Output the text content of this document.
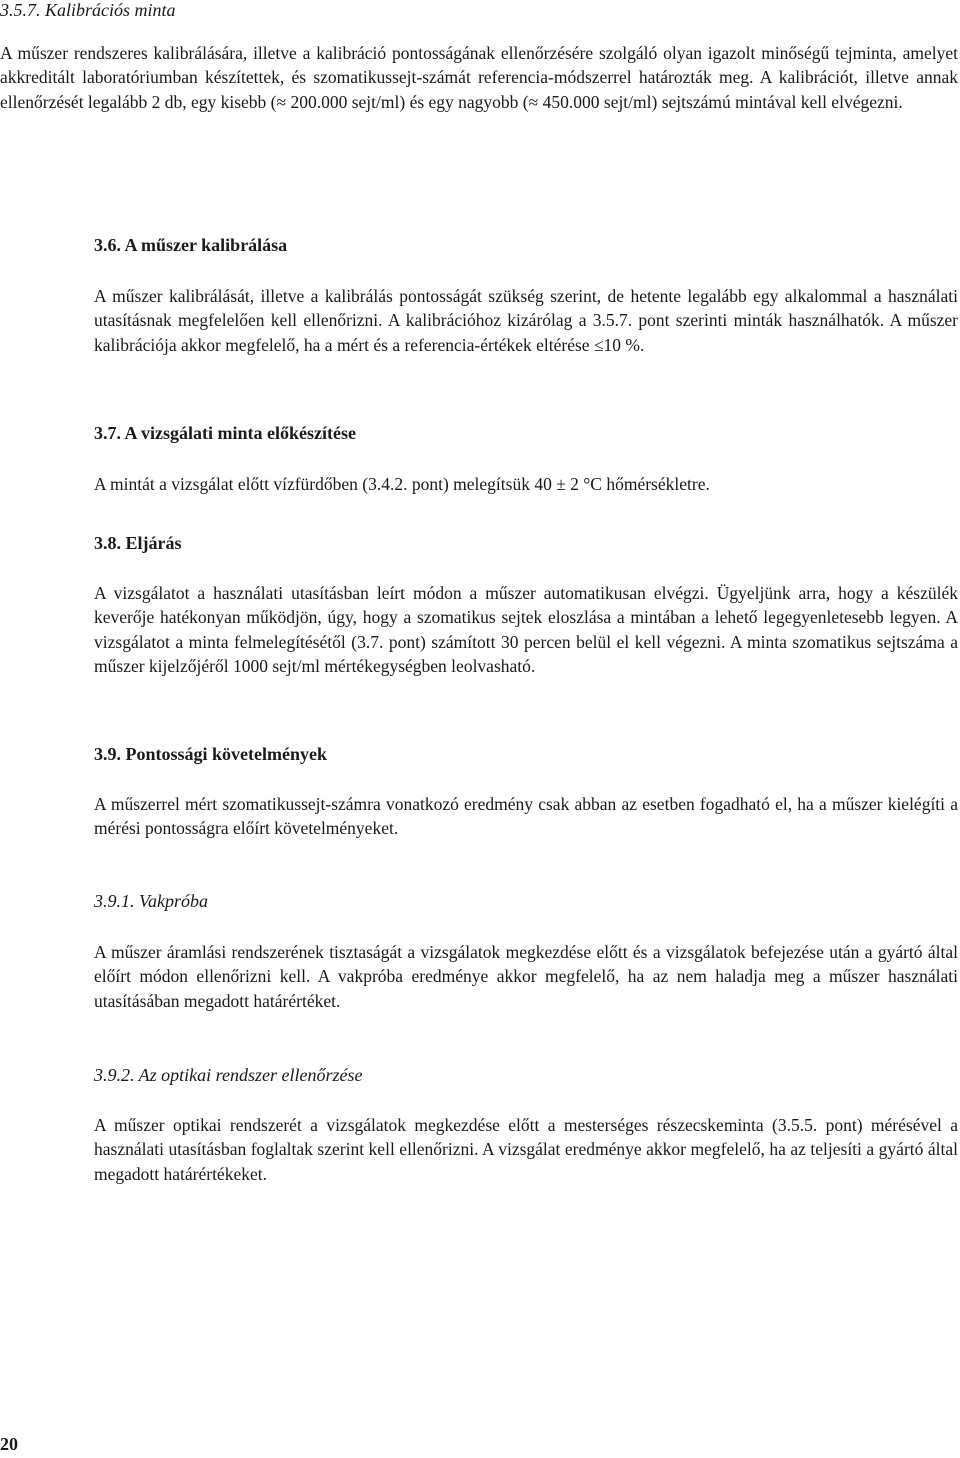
3.5.7. Kalibrációs minta

A műszer rendszeres kalibrálására, illetve a kalibráció pontosságának ellenőrzésére szolgáló olyan igazolt minőségű tejminta, amelyet akkreditált laboratóriumban készítettek, és szomatikussejt-számát referencia-módszerrel határozták meg. A kalibrációt, illetve annak ellenőrzését legalább 2 db, egy kisebb (≈ 200.000 sejt/ml) és egy nagyobb (≈ 450.000 sejt/ml) sejtszámú mintával kell elvégezni.

3.6. A műszer kalibrálása

A műszer kalibrálását, illetve a kalibrálás pontosságát szükség szerint, de hetente legalább egy alkalommal a használati utasításnak megfelelően kell ellenőrizni. A kalibrációhoz kizárólag a 3.5.7. pont szerinti minták használhatók. A műszer kalibrációja akkor megfelelő, ha a mért és a referencia-értékek eltérése ≤10 %.

3.7. A vizsgálati minta előkészítése

A mintát a vizsgálat előtt vízfürdőben (3.4.2. pont) melegítsük 40 ± 2 °C hőmérsékletre.

3.8. Eljárás

A vizsgálatot a használati utasításban leírt módon a műszer automatikusan elvégzi. Ügyeljünk arra, hogy a készülék keverője hatékonyan működjön, úgy, hogy a szomatikus sejtek eloszlása a mintában a lehető legegyenletesebb legyen. A vizsgálatot a minta felmelegítésétől (3.7. pont) számított 30 percen belül el kell végezni. A minta szomatikus sejtszáma a műszer kijelzőjéről 1000 sejt/ml mértékegységben leolvasható.

3.9. Pontossági követelmények

A műszerrel mért szomatikussejt-számra vonatkozó eredmény csak abban az esetben fogadható el, ha a műszer kielégíti a mérési pontosságra előírt követelményeket.

3.9.1. Vakpróba

A műszer áramlási rendszerének tisztaságát a vizsgálatok megkezdése előtt és a vizsgálatok befejezése után a gyártó által előírt módon ellenőrizni kell. A vakpróba eredménye akkor megfelelő, ha az nem haladja meg a műszer használati utasításában megadott határértéket.

3.9.2. Az optikai rendszer ellenőrzése

A műszer optikai rendszerét a vizsgálatok megkezdése előtt a mesterséges részecskeminta (3.5.5. pont) mérésével a használati utasításban foglaltak szerint kell ellenőrizni. A vizsgálat eredménye akkor megfelelő, ha az teljesíti a gyártó által megadott határértékeket.

20
